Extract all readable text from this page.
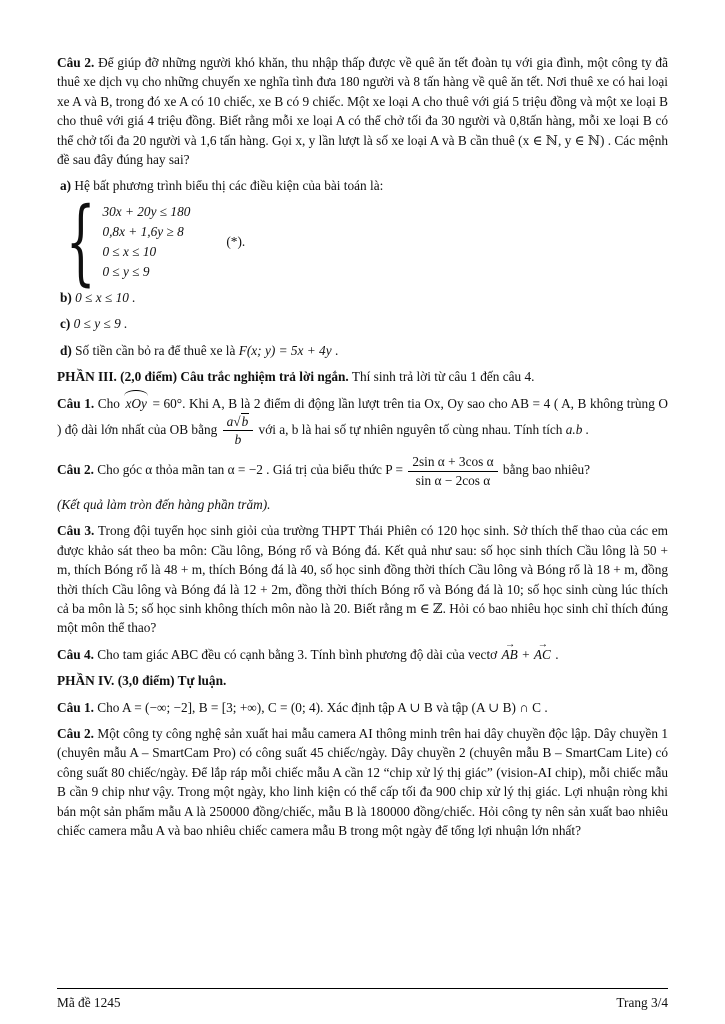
Câu 2. Để giúp đỡ những người khó khăn, thu nhập thấp được về quê ăn tết đoàn tụ với gia đình, một công ty đã thuê xe dịch vụ cho những chuyến xe nghĩa tình đưa 180 người và 8 tấn hàng về quê ăn tết. Nơi thuê xe có hai loại xe A và B, trong đó xe A có 10 chiếc, xe B có 9 chiếc. Một xe loại A cho thuê với giá 5 triệu đồng và một xe loại B cho thuê với giá 4 triệu đồng. Biết rằng mỗi xe loại A có thể chở tối đa 30 người và 0,8tấn hàng, mỗi xe loại B có thể chở tối đa 20 người và 1,6 tấn hàng. Gọi x, y lần lượt là số xe loại A và B cần thuê (x ∈ ℕ, y ∈ ℕ) . Các mệnh đề sau đây đúng hay sai?

a) Hệ bất phương trình biểu thị các điều kiện của bài toán là:

{ 30x + 20y ≤ 180
0,8x + 1,6y ≥ 8
0 ≤ x ≤ 10
0 ≤ y ≤ 9
(*).

b) 0 ≤ x ≤ 10 .

c) 0 ≤ y ≤ 9 .

d) Số tiền cần bỏ ra để thuê xe là F(x; y) = 5x + 4y .

PHẦN III. (2,0 điểm) Câu trắc nghiệm trả lời ngắn. Thí sinh trả lời từ câu 1 đến câu 4.

Câu 1. Cho xOy = 60°. Khi A, B là 2 điểm di động lần lượt trên tia Ox, Oy sao cho AB = 4 ( A, B không trùng O ) độ dài lớn nhất của OB bằng $\frac{a√b}{b}$ với a, b là hai số tự nhiên nguyên tố cùng nhau. Tính tích a.b .

Câu 2. Cho góc α thỏa mãn tan α = −2 . Giá trị của biểu thức $P = \frac{\text{2sin α + 3cos α}}{\text{sin α − 2cos α}}$ bằng bao nhiêu?

(Kết quả làm tròn đến hàng phần trăm).

Câu 3. Trong đội tuyển học sinh giỏi của trường THPT Thái Phiên có 120 học sinh. Sở thích thể thao của các em được khảo sát theo ba môn: Cầu lông, Bóng rổ và Bóng đá. Kết quả như sau: số học sinh thích Cầu lông là 50 + m, thích Bóng rổ là 48 + m, thích Bóng đá là 40, số học sinh đồng thời thích Cầu lông và Bóng rổ là 18 + m, đồng thời thích Cầu lông và Bóng đá là 12 + 2m, đồng thời thích Bóng rổ và Bóng đá là 10; số học sinh cùng lúc thích cả ba môn là 5; số học sinh không thích môn nào là 20. Biết rằng m ∈ ℤ. Hỏi có bao nhiêu học sinh chỉ thích đúng một môn thể thao?

Câu 4. Cho tam giác ABC đều có cạnh bằng 3. Tính bình phương độ dài của vectơ → AB + → AC .

PHẦN IV. (3,0 điểm) Tự luận.

Câu 1. Cho A = (−∞; −2], B = [3; +∞), C = (0; 4). Xác định tập A ∪ B và tập (A ∪ B) ∩ C .

Câu 2. Một công ty công nghệ sản xuất hai mẫu camera AI thông minh trên hai dây chuyền độc lập. Dây chuyền 1 (chuyên mẫu A – SmartCam Pro) có công suất 45 chiếc/ngày. Dây chuyền 2 (chuyên mẫu B – SmartCam Lite) có công suất 80 chiếc/ngày. Để lắp ráp mỗi chiếc mẫu A cần 12 “chip xử lý thị giác” (vision-AI chip), mỗi chiếc mẫu B cần 9 chip như vậy. Trong một ngày, kho linh kiện có thể cấp tối đa 900 chip xử lý thị giác. Lợi nhuận ròng khi bán một sản phẩm mẫu A là 250000 đồng/chiếc, mẫu B là 180000 đồng/chiếc. Hỏi công ty nên sản xuất bao nhiêu chiếc camera mẫu A và bao nhiêu chiếc camera mẫu B trong một ngày để tổng lợi nhuận lớn nhất?

Mã đề 1245	Trang 3/4
